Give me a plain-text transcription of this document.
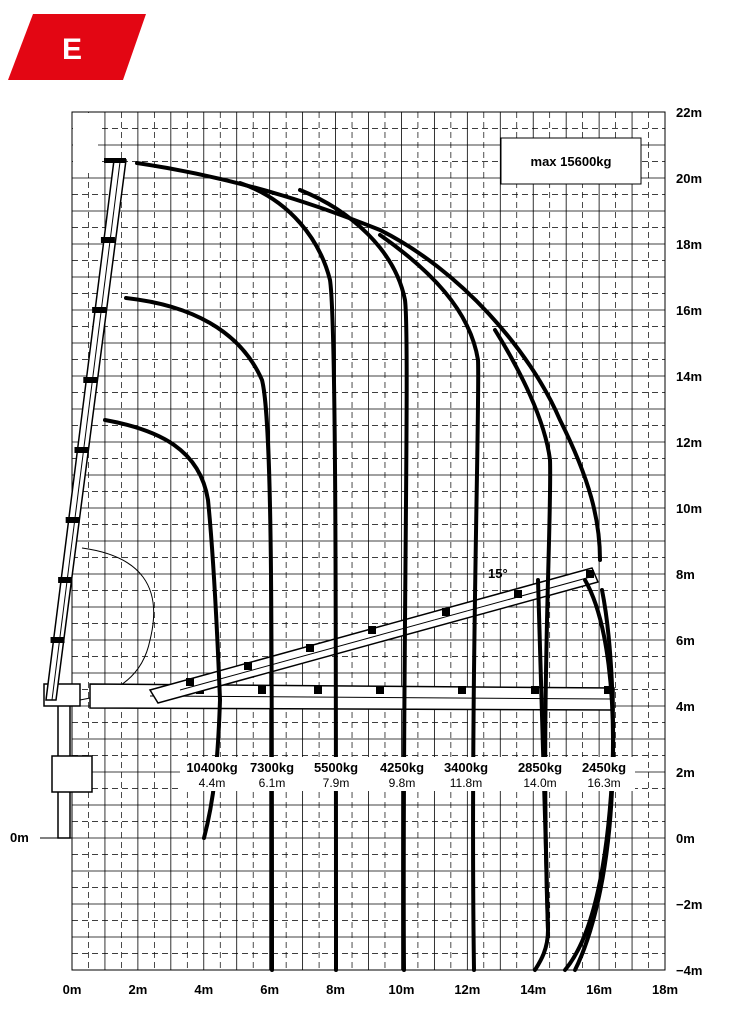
E
0m	2m	4m	6m	8m	10m	12m	14m	16m	18m
−4m
−2m
0m
2m
4m
6m
8m
10m
12m
14m
16m
18m
20m
22m
0m
max 15600kg
15°
10400kg
4.4m
7300kg
6.1m
5500kg
7.9m
4250kg
9.8m
3400kg
11.8m
2850kg
14.0m
2450kg
16.3m
